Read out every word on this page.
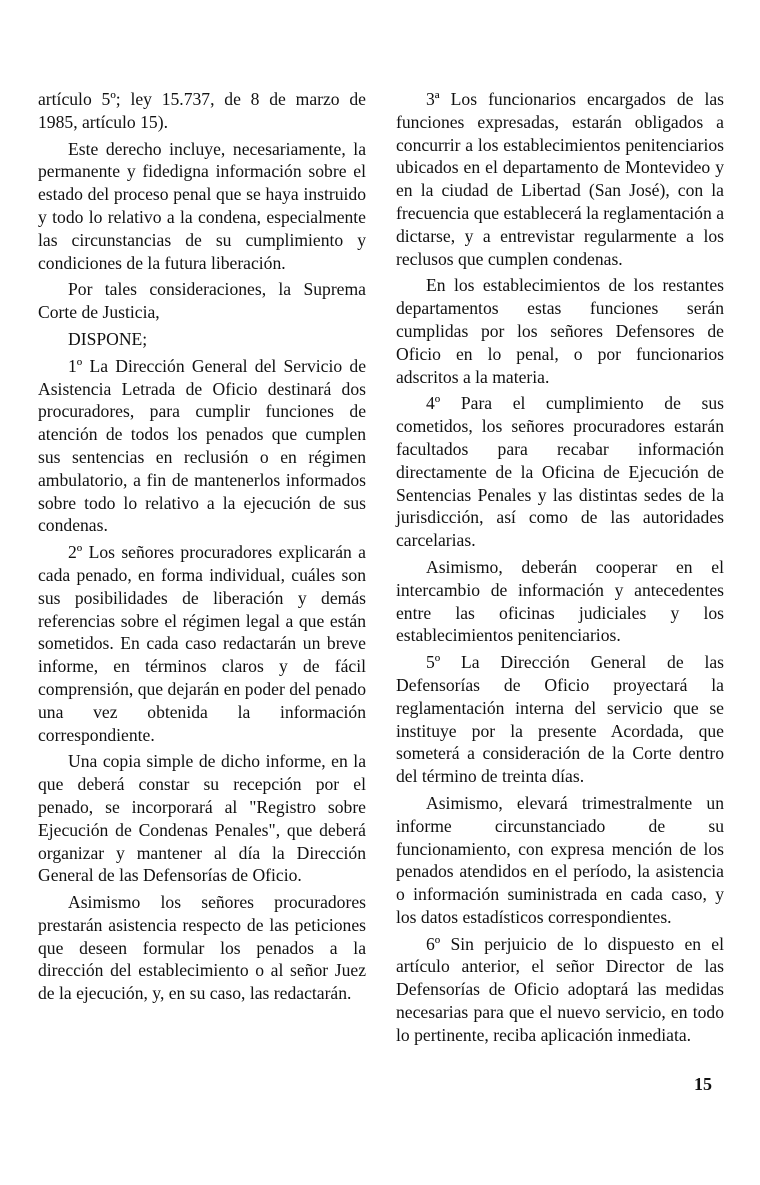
artículo 5º; ley 15.737, de 8 de marzo de 1985, artículo 15).

Este derecho incluye, necesariamente, la permanente y fidedigna información sobre el estado del proceso penal que se haya instruido y todo lo relativo a la condena, especialmente las circunstancias de su cumplimiento y condiciones de la futura liberación.

Por tales consideraciones, la Suprema Corte de Justicia,

DISPONE;

1º La Dirección General del Servicio de Asistencia Letrada de Oficio destinará dos procuradores, para cumplir funciones de atención de todos los penados que cumplen sus sentencias en reclusión o en régimen ambulatorio, a fin de mantenerlos informados sobre todo lo relativo a la ejecución de sus condenas.

2º Los señores procuradores explicarán a cada penado, en forma individual, cuáles son sus posibilidades de liberación y demás referencias sobre el régimen legal a que están sometidos. En cada caso redactarán un breve informe, en términos claros y de fácil comprensión, que dejarán en poder del penado una vez obtenida la información correspondiente.

Una copia simple de dicho informe, en la que deberá constar su recepción por el penado, se incorporará al "Registro sobre Ejecución de Condenas Penales", que deberá organizar y mantener al día la Dirección General de las Defensorías de Oficio.

Asimismo los señores procuradores prestarán asistencia respecto de las peticiones que deseen formular los penados a la dirección del establecimiento o al señor Juez de la ejecución, y, en su caso, las redactarán.

3ª Los funcionarios encargados de las funciones expresadas, estarán obligados a concurrir a los establecimientos penitenciarios ubicados en el departamento de Montevideo y en la ciudad de Libertad (San José), con la frecuencia que establecerá la reglamentación a dictarse, y a entrevistar regularmente a los reclusos que cumplen condenas.

En los establecimientos de los restantes departamentos estas funciones serán cumplidas por los señores Defensores de Oficio en lo penal, o por funcionarios adscritos a la materia.

4º Para el cumplimiento de sus cometidos, los señores procuradores estarán facultados para recabar información directamente de la Oficina de Ejecución de Sentencias Penales y las distintas sedes de la jurisdicción, así como de las autoridades carcelarias.

Asimismo, deberán cooperar en el intercambio de información y antecedentes entre las oficinas judiciales y los establecimientos penitenciarios.

5º La Dirección General de las Defensorías de Oficio proyectará la reglamentación interna del servicio que se instituye por la presente Acordada, que someterá a consideración de la Corte dentro del término de treinta días.

Asimismo, elevará trimestralmente un informe circunstanciado de su funcionamiento, con expresa mención de los penados atendidos en el período, la asistencia o información suministrada en cada caso, y los datos estadísticos correspondientes.

6º Sin perjuicio de lo dispuesto en el artículo anterior, el señor Director de las Defensorías de Oficio adoptará las medidas necesarias para que el nuevo servicio, en todo lo pertinente, reciba aplicación inmediata.

15
